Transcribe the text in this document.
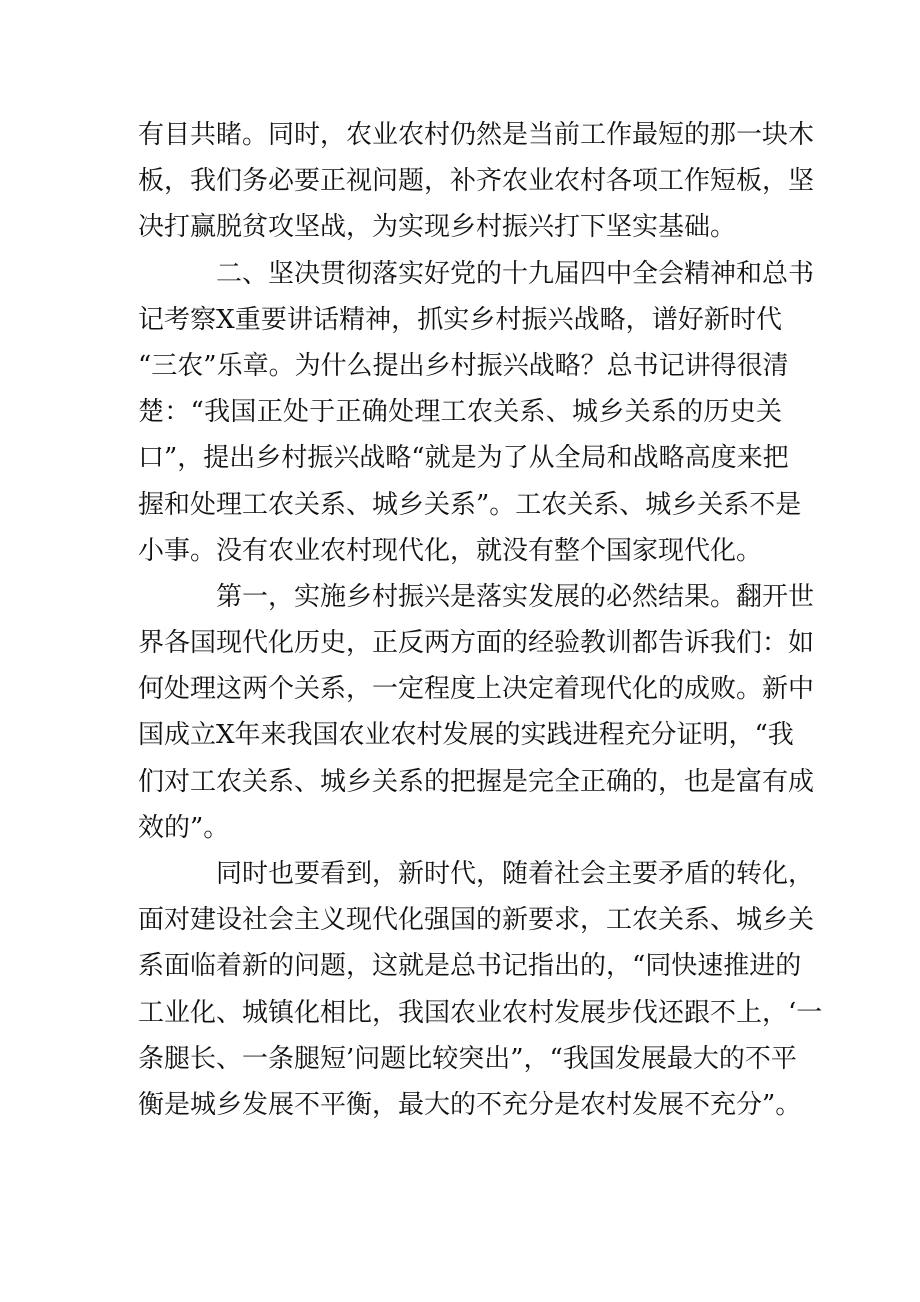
有目共睹。同时，农业农村仍然是当前工作最短的那一块木
板，我们务必要正视问题，补齐农业农村各项工作短板，坚
决打赢脱贫攻坚战，为实现乡村振兴打下坚实基础。
二、坚决贯彻落实好党的十九届四中全会精神和总书
记考察X重要讲话精神，抓实乡村振兴战略，谱好新时代
“三农”乐章。为什么提出乡村振兴战略？总书记讲得很清
楚：“我国正处于正确处理工农关系、城乡关系的历史关
口”，提出乡村振兴战略“就是为了从全局和战略高度来把
握和处理工农关系、城乡关系”。工农关系、城乡关系不是
小事。没有农业农村现代化，就没有整个国家现代化。
第一，实施乡村振兴是落实发展的必然结果。翻开世
界各国现代化历史，正反两方面的经验教训都告诉我们：如
何处理这两个关系，一定程度上决定着现代化的成败。新中
国成立X年来我国农业农村发展的实践进程充分证明，“我
们对工农关系、城乡关系的把握是完全正确的，也是富有成
效的”。
同时也要看到，新时代，随着社会主要矛盾的转化，
面对建设社会主义现代化强国的新要求，工农关系、城乡关
系面临着新的问题，这就是总书记指出的，“同快速推进的
工业化、城镇化相比，我国农业农村发展步伐还跟不上，‘一
条腿长、一条腿短’问题比较突出”，“我国发展最大的不平
衡是城乡发展不平衡，最大的不充分是农村发展不充分”。
